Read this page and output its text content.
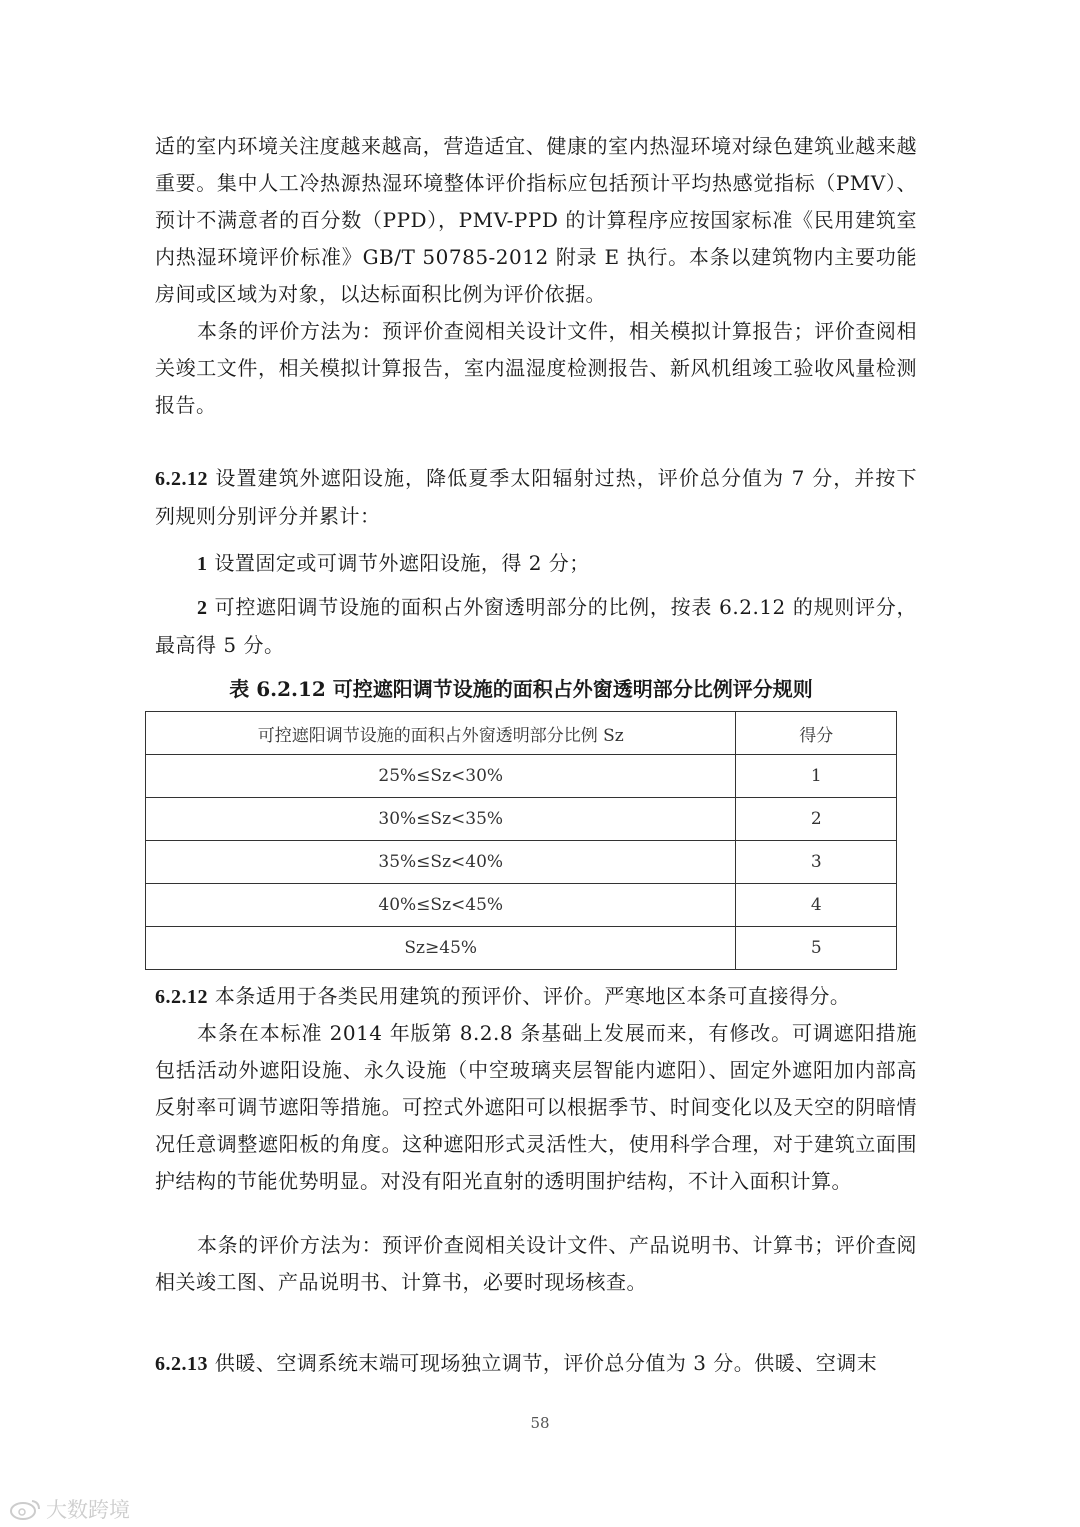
适的室内环境关注度越来越高，营造适宜、健康的室内热湿环境对绿色建筑业越来越重要。集中人工冷热源热湿环境整体评价指标应包括预计平均热感觉指标（PMV）、预计不满意者的百分数（PPD），PMV-PPD 的计算程序应按国家标准《民用建筑室内热湿环境评价标准》GB/T 50785-2012 附录 E 执行。本条以建筑物内主要功能房间或区域为对象，以达标面积比例为评价依据。

本条的评价方法为：预评价查阅相关设计文件，相关模拟计算报告；评价查阅相关竣工文件，相关模拟计算报告，室内温湿度检测报告、新风机组竣工验收风量检测报告。

6.2.12 设置建筑外遮阳设施，降低夏季太阳辐射过热，评价总分值为 7 分，并按下列规则分别评分并累计：

1 设置固定或可调节外遮阳设施，得 2 分；

2 可控遮阳调节设施的面积占外窗透明部分的比例，按表 6.2.12 的规则评分，最高得 5 分。

表 6.2.12 可控遮阳调节设施的面积占外窗透明部分比例评分规则

可控遮阳调节设施的面积占外窗透明部分比例 Sz	得分
25%≤Sz<30%	1
30%≤Sz<35%	2
35%≤Sz<40%	3
40%≤Sz<45%	4
Sz≥45%	5

6.2.12 本条适用于各类民用建筑的预评价、评价。严寒地区本条可直接得分。

本条在本标准 2014 年版第 8.2.8 条基础上发展而来，有修改。可调遮阳措施包括活动外遮阳设施、永久设施（中空玻璃夹层智能内遮阳）、固定外遮阳加内部高反射率可调节遮阳等措施。可控式外遮阳可以根据季节、时间变化以及天空的阴暗情况任意调整遮阳板的角度。这种遮阳形式灵活性大，使用科学合理，对于建筑立面围护结构的节能优势明显。对没有阳光直射的透明围护结构，不计入面积计算。

本条的评价方法为：预评价查阅相关设计文件、产品说明书、计算书；评价查阅相关竣工图、产品说明书、计算书，必要时现场核查。

6.2.13 供暖、空调系统末端可现场独立调节，评价总分值为 3 分。供暖、空调末

58

大数跨境
